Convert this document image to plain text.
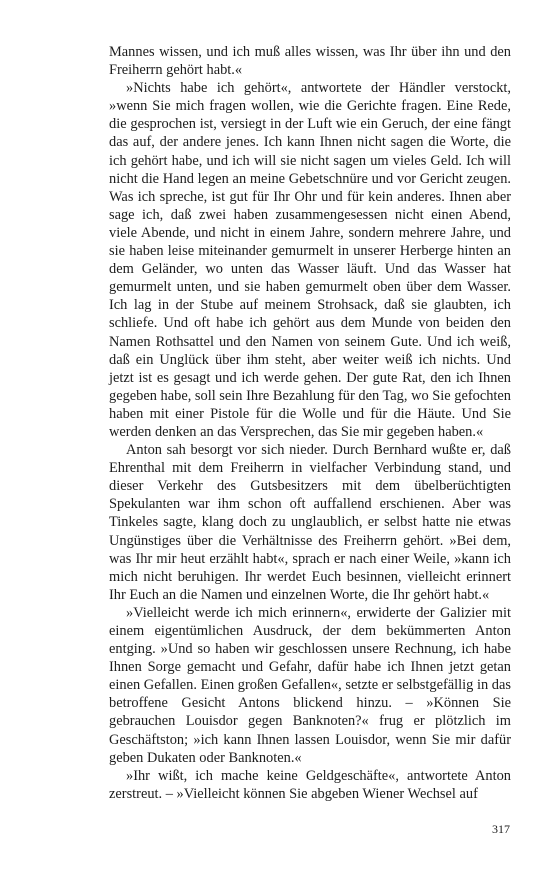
Mannes wissen, und ich muß alles wissen, was Ihr über ihn und den Freiherrn gehört habt.«

»Nichts habe ich gehört«, antwortete der Händler verstockt, »wenn Sie mich fragen wollen, wie die Gerichte fragen. Eine Rede, die gesprochen ist, versiegt in der Luft wie ein Geruch, der eine fängt das auf, der andere jenes. Ich kann Ihnen nicht sagen die Worte, die ich gehört habe, und ich will sie nicht sagen um vieles Geld. Ich will nicht die Hand legen an meine Gebetschnüre und vor Gericht zeugen. Was ich spreche, ist gut für Ihr Ohr und für kein anderes. Ihnen aber sage ich, daß zwei haben zusammengesessen nicht einen Abend, viele Abende, und nicht in einem Jahre, sondern mehrere Jahre, und sie haben leise miteinander gemurmelt in unserer Herberge hinten an dem Geländer, wo unten das Wasser läuft. Und das Wasser hat gemurmelt unten, und sie haben gemurmelt oben über dem Wasser. Ich lag in der Stube auf meinem Strohsack, daß sie glaubten, ich schliefe. Und oft habe ich gehört aus dem Munde von beiden den Namen Rothsattel und den Namen von seinem Gute. Und ich weiß, daß ein Unglück über ihm steht, aber weiter weiß ich nichts. Und jetzt ist es gesagt und ich werde gehen. Der gute Rat, den ich Ihnen gegeben habe, soll sein Ihre Bezahlung für den Tag, wo Sie gefochten haben mit einer Pistole für die Wolle und für die Häute. Und Sie werden denken an das Versprechen, das Sie mir gegeben haben.«

Anton sah besorgt vor sich nieder. Durch Bernhard wußte er, daß Ehrenthal mit dem Freiherrn in vielfacher Verbindung stand, und dieser Verkehr des Gutsbesitzers mit dem übelberüchtigten Spekulanten war ihm schon oft auffallend erschienen. Aber was Tinkeles sagte, klang doch zu unglaublich, er selbst hatte nie etwas Ungünstiges über die Verhältnisse des Freiherrn gehört. »Bei dem, was Ihr mir heut erzählt habt«, sprach er nach einer Weile, »kann ich mich nicht beruhigen. Ihr werdet Euch besinnen, vielleicht erinnert Ihr Euch an die Namen und einzelnen Worte, die Ihr gehört habt.«

»Vielleicht werde ich mich erinnern«, erwiderte der Galizier mit einem eigentümlichen Ausdruck, der dem bekümmerten Anton entging. »Und so haben wir geschlossen unsere Rechnung, ich habe Ihnen Sorge gemacht und Gefahr, dafür habe ich Ihnen jetzt getan einen Gefallen. Einen großen Gefallen«, setzte er selbstgefällig in das betroffene Gesicht Antons blickend hinzu. – »Können Sie gebrauchen Louisdor gegen Banknoten?« frug er plötzlich im Geschäftston; »ich kann Ihnen lassen Louisdor, wenn Sie mir dafür geben Dukaten oder Banknoten.«

»Ihr wißt, ich mache keine Geldgeschäfte«, antwortete Anton zerstreut. – »Vielleicht können Sie abgeben Wiener Wechsel auf

317
